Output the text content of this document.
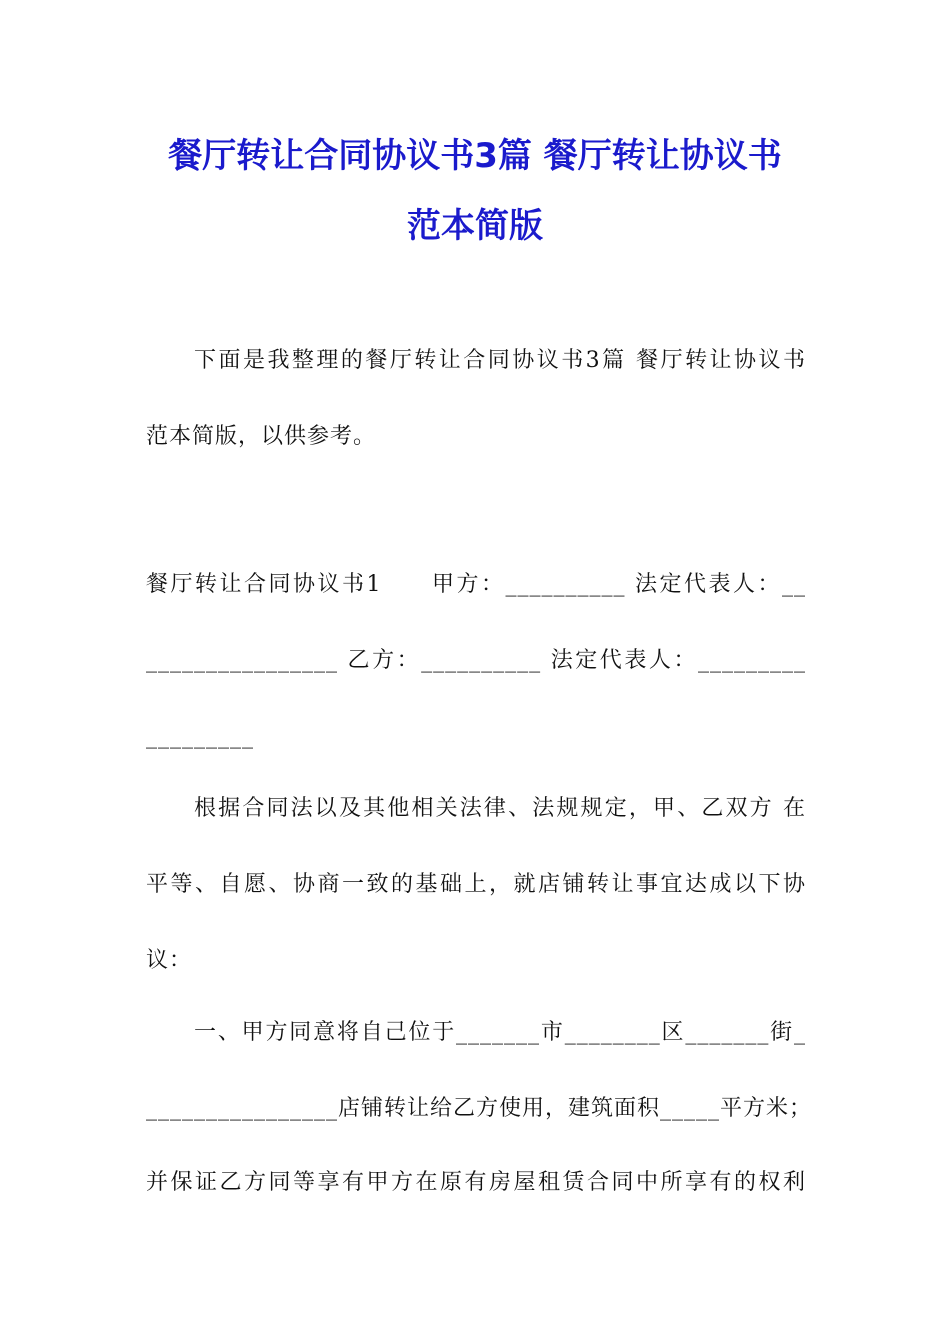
餐厅转让合同协议书3篇 餐厅转让协议书
范本简版
下面是我整理的餐厅转让合同协议书3篇 餐厅转让协议书
范本简版，以供参考。
餐厅转让合同协议书1　　甲方：__________ 法定代表人：__
________________ 乙方：__________ 法定代表人：_________
_________
根据合同法以及其他相关法律、法规规定，甲、乙双方 在
平等、自愿、协商一致的基础上，就店铺转让事宜达成以下协
议：
一、甲方同意将自己位于_______市________区_______街_
________________店铺转让给乙方使用，建筑面积_____平方米；
并保证乙方同等享有甲方在原有房屋租赁合同中所享有的权利
